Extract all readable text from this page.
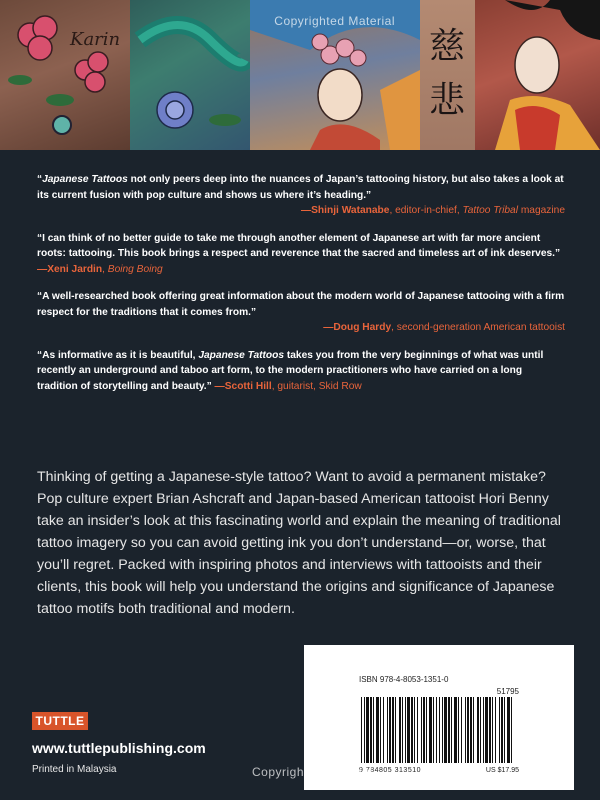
Karin	慈
悲
Copyrighted Material

“Japanese Tattoos not only peers deep into the nuances of Japan’s tattooing history, but also takes a look at its current fusion with pop culture and shows us where it’s heading.”
—Shinji Watanabe, editor-in-chief, Tattoo Tribal magazine

“I can think of no better guide to take me through another element of Japanese art with far more ancient roots: tattooing. This book brings a respect and reverence that the sacred and timeless art of ink deserves.” —Xeni Jardin, Boing Boing

“A well-researched book offering great information about the modern world of Japanese tattooing with a firm respect for the traditions that it comes from.”
—Doug Hardy, second-generation American tattooist

“As informative as it is beautiful, Japanese Tattoos takes you from the very beginnings of what was until recently an underground and taboo art form, to the modern practitioners who have carried on a long tradition of storytelling and beauty.” —Scotti Hill, guitarist, Skid Row

Thinking of getting a Japanese-style tattoo? Want to avoid a permanent mistake? Pop culture expert Brian Ashcraft and Japan-based American tattooist Hori Benny take an insider’s look at this fascinating world and explain the meaning of traditional tattoo imagery so you can avoid getting ink you don’t understand—or, worse, that you’ll regret. Packed with inspiring photos and interviews with tattooists and their clients, this book will help you understand the origins and significance of Japanese tattoo motifs both traditional and modern.
ISBN 978-4-8053-1351-0
51795
9 784805 313510	US $17.95
TUTTLE
www.tuttlepublishing.com
Printed in Malaysia	Copyrighted Material
